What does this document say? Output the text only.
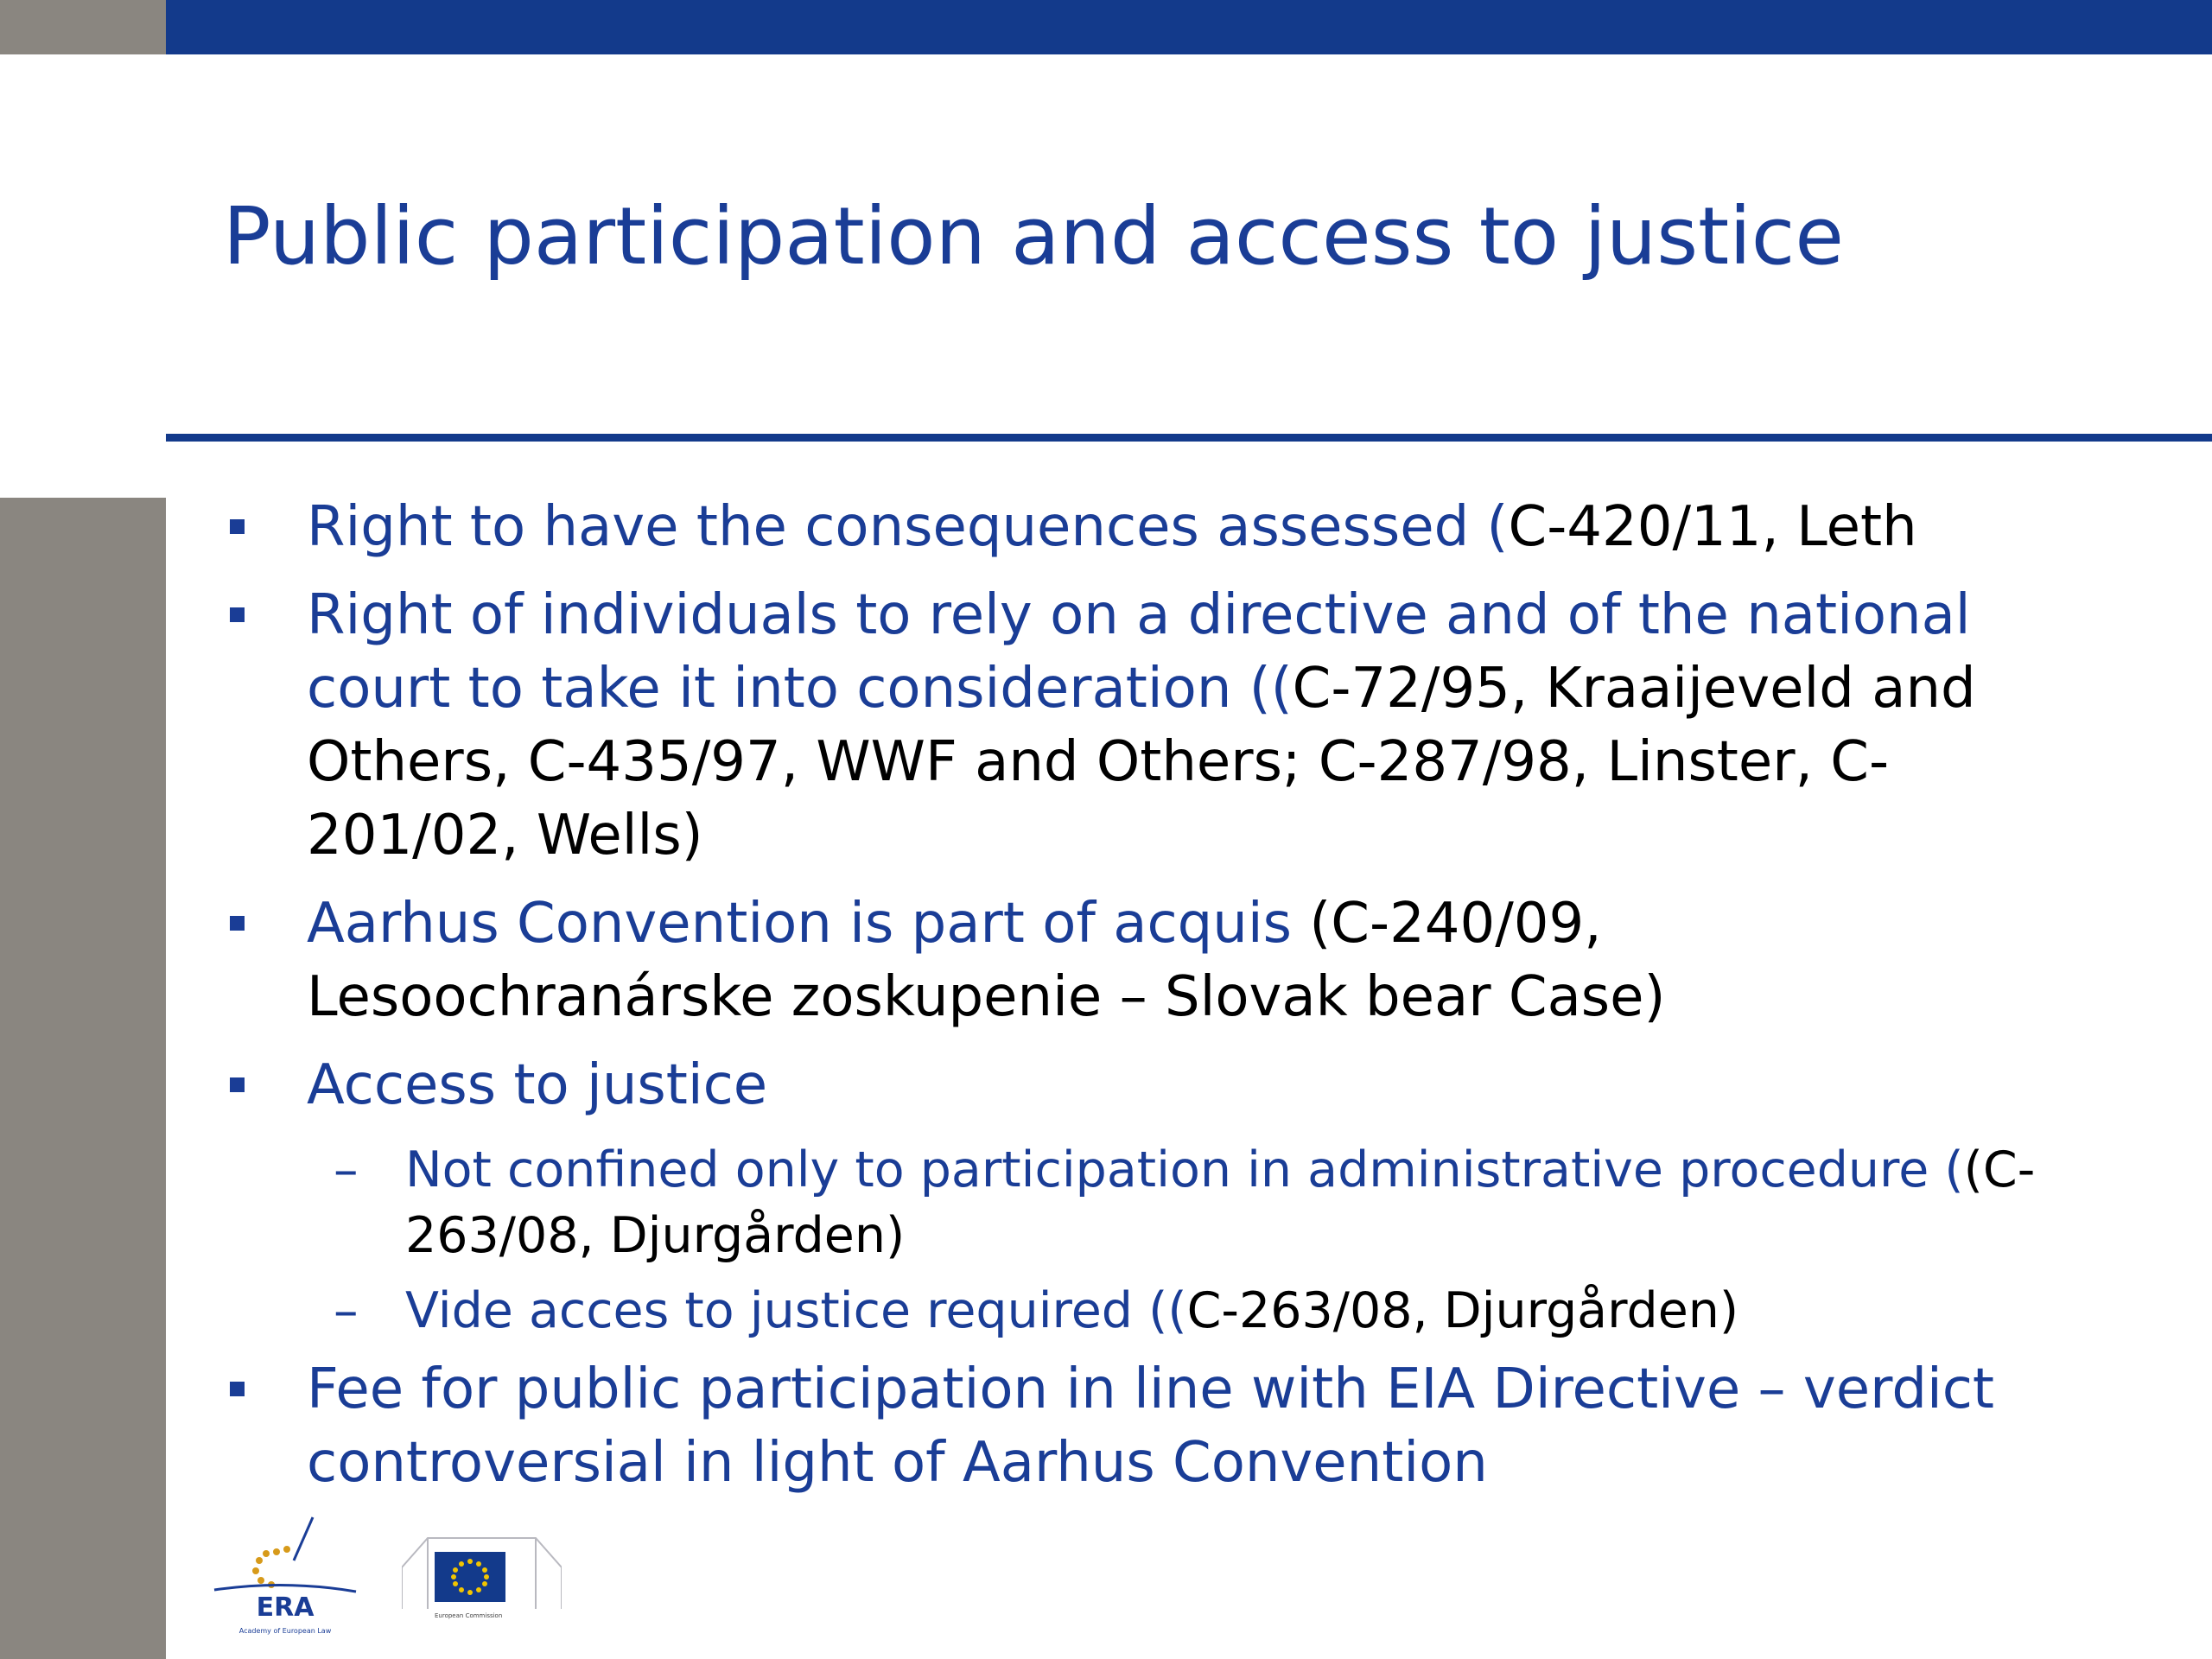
Public participation and access to justice
Right to have the consequences assessed (C-420/11, Leth
Right of individuals to rely on a directive and of the national court to take it into consideration ((C-72/95, Kraaijeveld and Others, C-435/97, WWF and Others; C-287/98, Linster, C-201/02, Wells)
Aarhus Convention is part of acquis (C-240/09, Lesoochranárske zoskupenie – Slovak bear Case)
Access to justice
– Not confined only to participation in administrative procedure ((C-263/08, Djurgården)
– Vide acces to justice required ((C-263/08, Djurgården)
Fee for public participation in line with EIA Directive – verdict controversial in light of Aarhus Convention
ERA
Academy of European Law
European Commission
